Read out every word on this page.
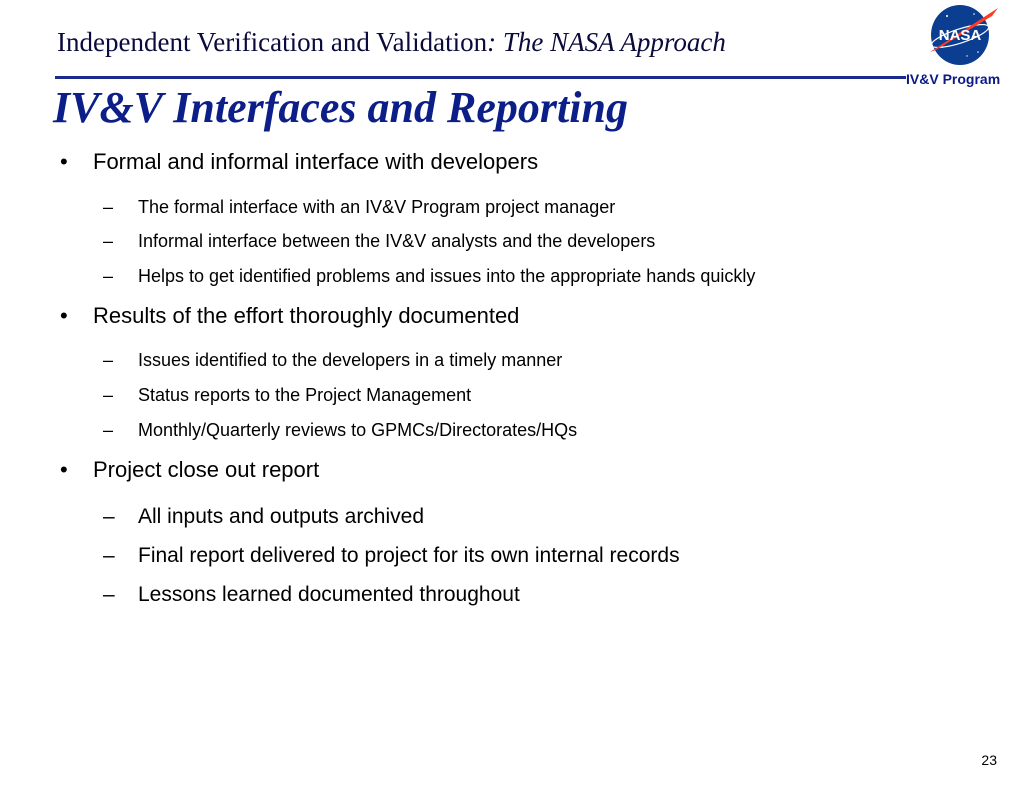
Independent Verification and Validation: The NASA Approach	NASA
IV&V Program
IV&V Interfaces and Reporting
• Formal and informal interface with developers
– The formal interface with an IV&V Program project manager
– Informal interface between the IV&V analysts and the developers
– Helps to get identified problems and issues into the appropriate hands quickly
• Results of the effort thoroughly documented
– Issues identified to the developers in a timely manner
– Status reports to the Project Management
– Monthly/Quarterly reviews to GPMCs/Directorates/HQs
• Project close out report
– All inputs and outputs archived
– Final report delivered to project for its own internal records
– Lessons learned documented throughout
23
